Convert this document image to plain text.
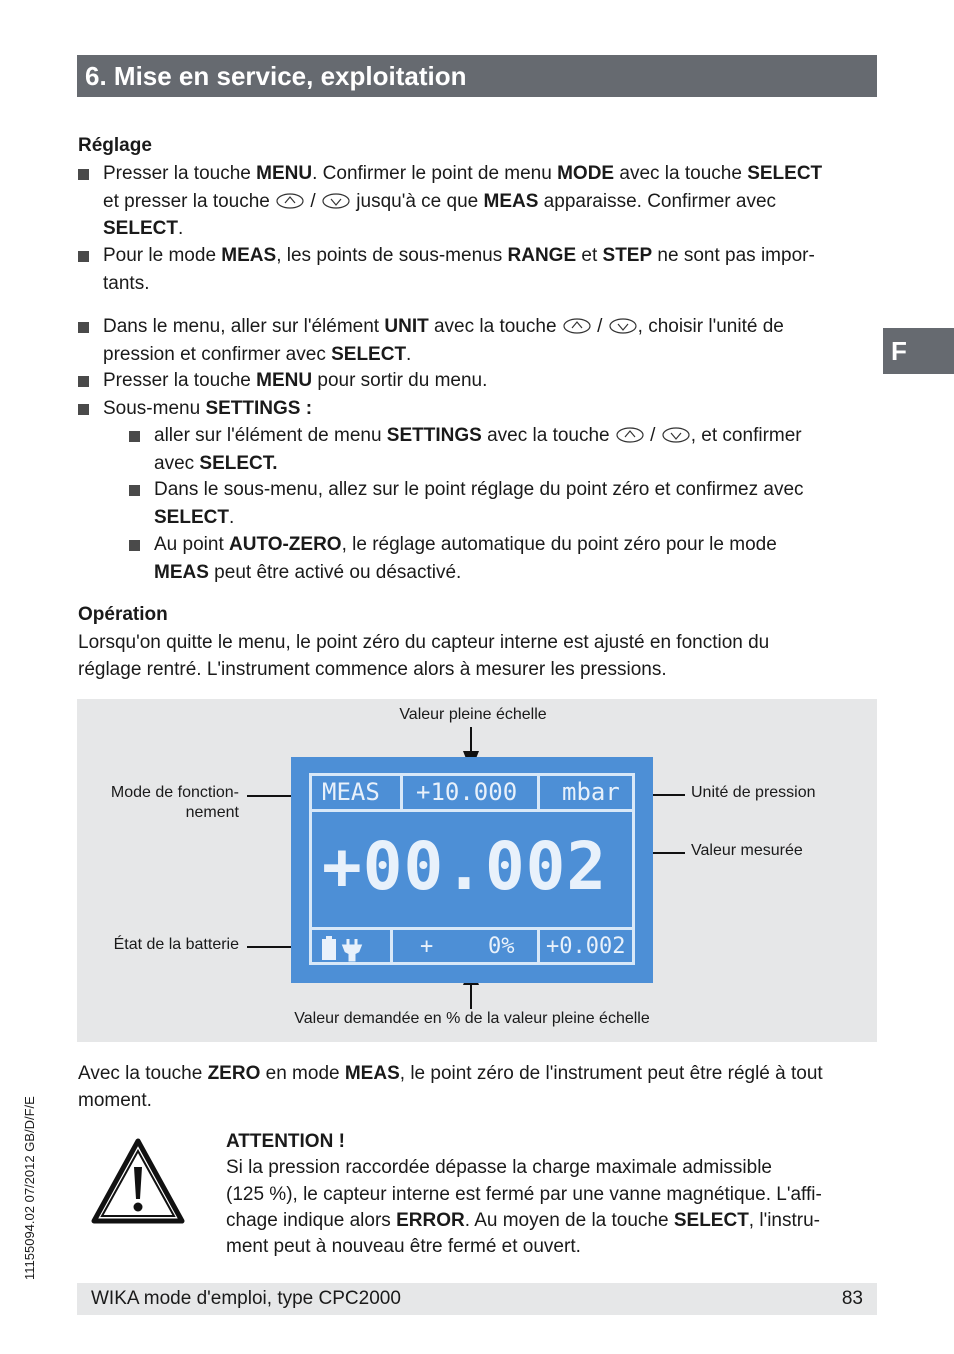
6. Mise en service, exploitation
F
Réglage
Presser la touche MENU. Confirmer le point de menu MODE avec la touche SELECT
et presser la touche  /  jusqu'à ce que MEAS apparaisse. Confirmer avec
SELECT.
Pour le mode MEAS, les points de sous-menus RANGE et STEP ne sont pas impor-
tants.
Dans le menu, aller sur l'élément UNIT avec la touche  / , choisir l'unité de
pression et confirmer avec SELECT.
Presser la touche MENU pour sortir du menu.
Sous-menu SETTINGS :
aller sur l'élément de menu SETTINGS avec la touche  / , et confirmer
avec SELECT.
Dans le sous-menu, allez sur le point réglage du point zéro et confirmez avec
SELECT.
Au point AUTO-ZERO, le réglage automatique du point zéro pour le mode
MEAS peut être activé ou désactivé.
Opération
Lorsqu'on quitte le menu, le point zéro du capteur interne est ajusté en fonction du
réglage rentré. L'instrument commence alors à mesurer les pressions.
Valeur pleine échelle
Mode de fonction-
nement
État de la batterie
Unité de pression
Valeur mesurée
Valeur demandée en % de la valeur pleine échelle
MEAS +10.000 mbar
+00.002
+ 0% +0.002
Avec la touche ZERO en mode MEAS, le point zéro de l'instrument peut être réglé à tout
moment.
ATTENTION !
Si la pression raccordée dépasse la charge maximale admissible
(125 %), le capteur interne est fermé par une vanne magnétique. L'affi-
chage indique alors ERROR. Au moyen de la touche SELECT, l'instru-
ment peut à nouveau être fermé et ouvert.
11155094.02 07/2012 GB/D/F/E
WIKA mode d'emploi, type CPC2000	83
